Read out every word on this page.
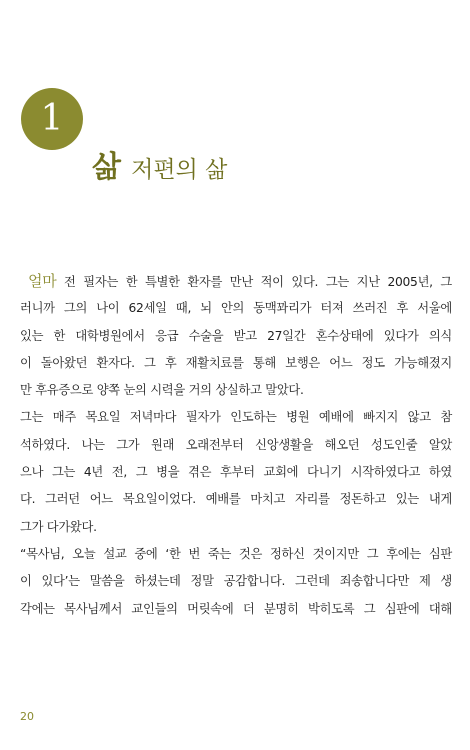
1
삶 저편의 삶
얼마 전 필자는 한 특별한 환자를 만난 적이 있다. 그는 지난 2005년, 그
러니까 그의 나이 62세일 때, 뇌 안의 동맥꽈리가 터져 쓰러진 후 서울에
있는 한 대학병원에서 응급 수술을 받고 27일간 혼수상태에 있다가 의식
이 돌아왔던 환자다. 그 후 재활치료를 통해 보행은 어느 정도 가능해졌지
만 후유증으로 양쪽 눈의 시력을 거의 상실하고 말았다.
그는 매주 목요일 저녁마다 필자가 인도하는 병원 예배에 빠지지 않고 참
석하였다. 나는 그가 원래 오래전부터 신앙생활을 해오던 성도인줄 알았
으나 그는 4년 전, 그 병을 겪은 후부터 교회에 다니기 시작하였다고 하였
다. 그러던 어느 목요일이었다. 예배를 마치고 자리를 정돈하고 있는 내게
그가 다가왔다.
“목사님, 오늘 설교 중에 ‘한 번 죽는 것은 정하신 것이지만 그 후에는 심판
이 있다’는 말씀을 하셨는데 정말 공감합니다. 그런데 죄송합니다만 제 생
각에는 목사님께서 교인들의 머릿속에 더 분명히 박히도록 그 심판에 대해
20
